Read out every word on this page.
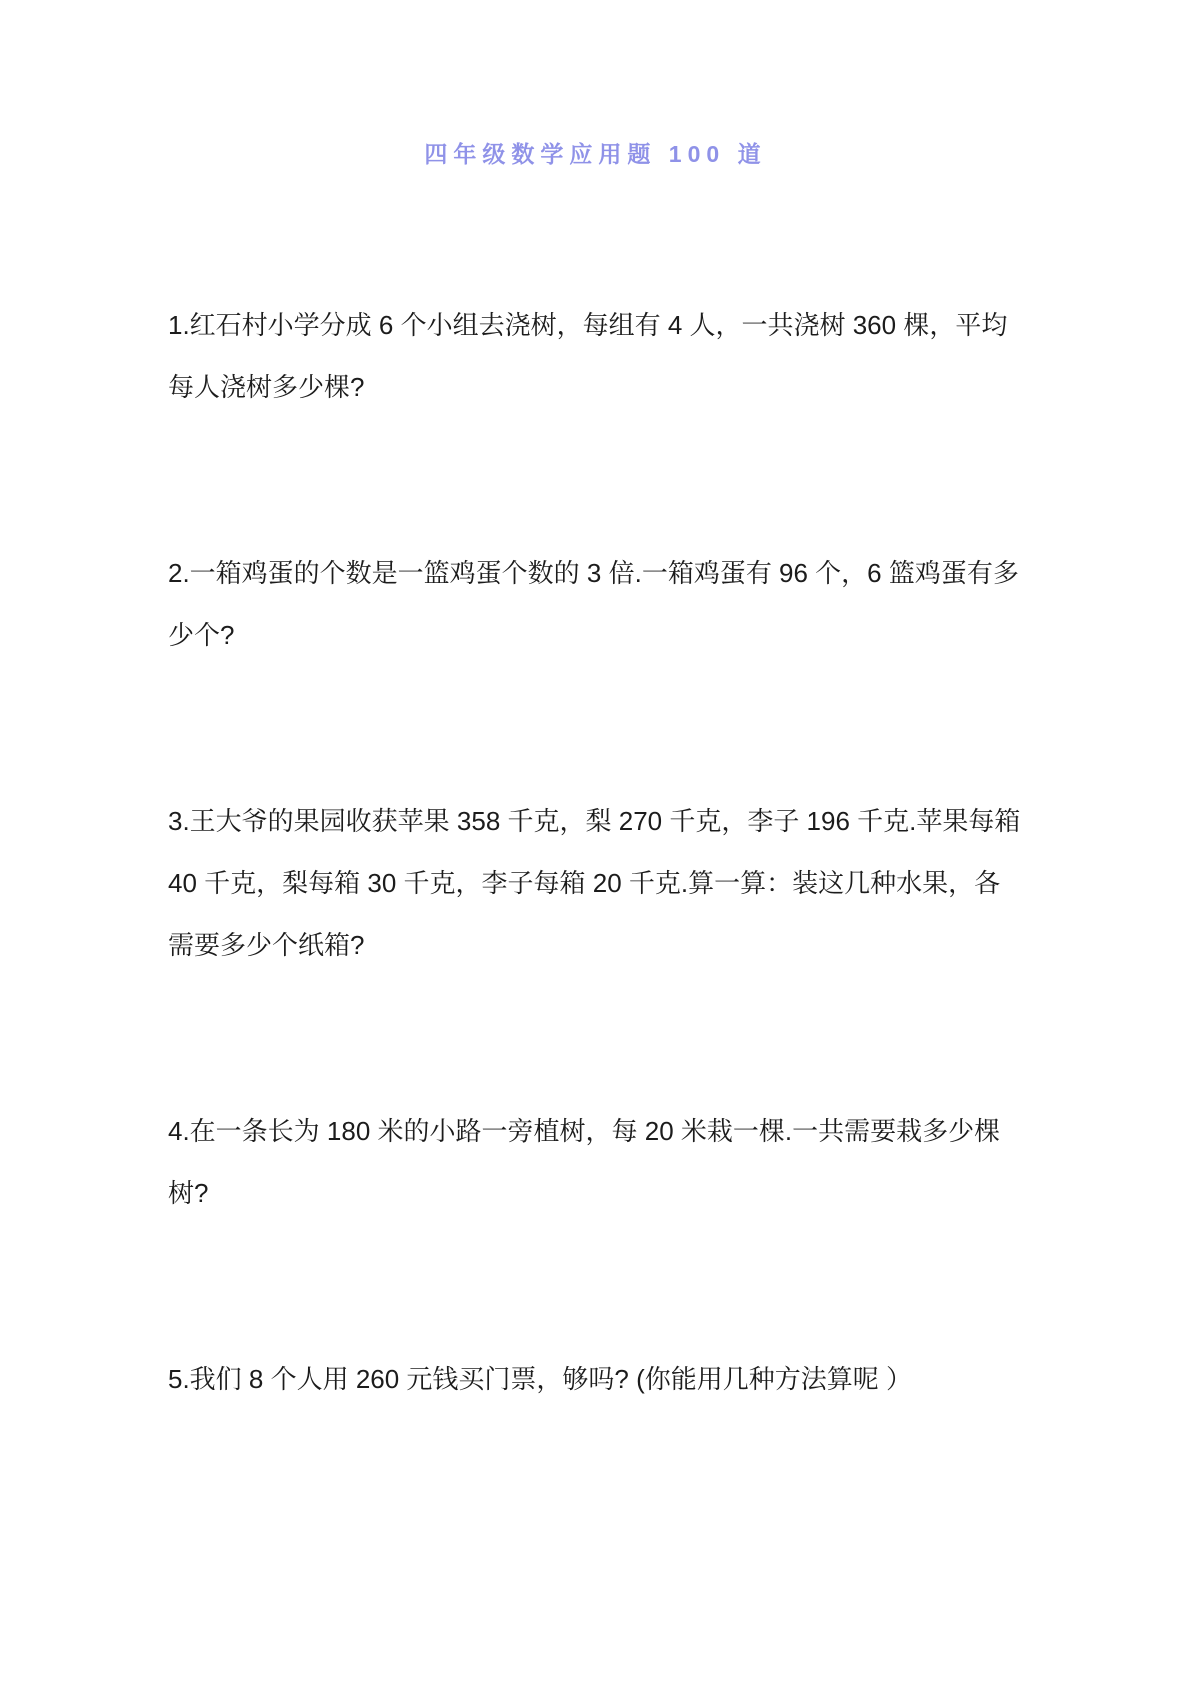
四年级数学应用题 100 道
1.红石村小学分成 6 个小组去浇树，每组有 4 人，一共浇树 360 棵，平均
每人浇树多少棵?
2.一箱鸡蛋的个数是一篮鸡蛋个数的 3 倍.一箱鸡蛋有 96 个，6 篮鸡蛋有多
少个?
3.王大爷的果园收获苹果 358 千克，梨 270 千克，李子 196 千克.苹果每箱
40 千克，梨每箱 30 千克，李子每箱 20 千克.算一算：装这几种水果，各
需要多少个纸箱?
4.在一条长为 180 米的小路一旁植树，每 20 米栽一棵.一共需要栽多少棵
树?
5.我们 8 个人用 260 元钱买门票，够吗? (你能用几种方法算呢 ）
